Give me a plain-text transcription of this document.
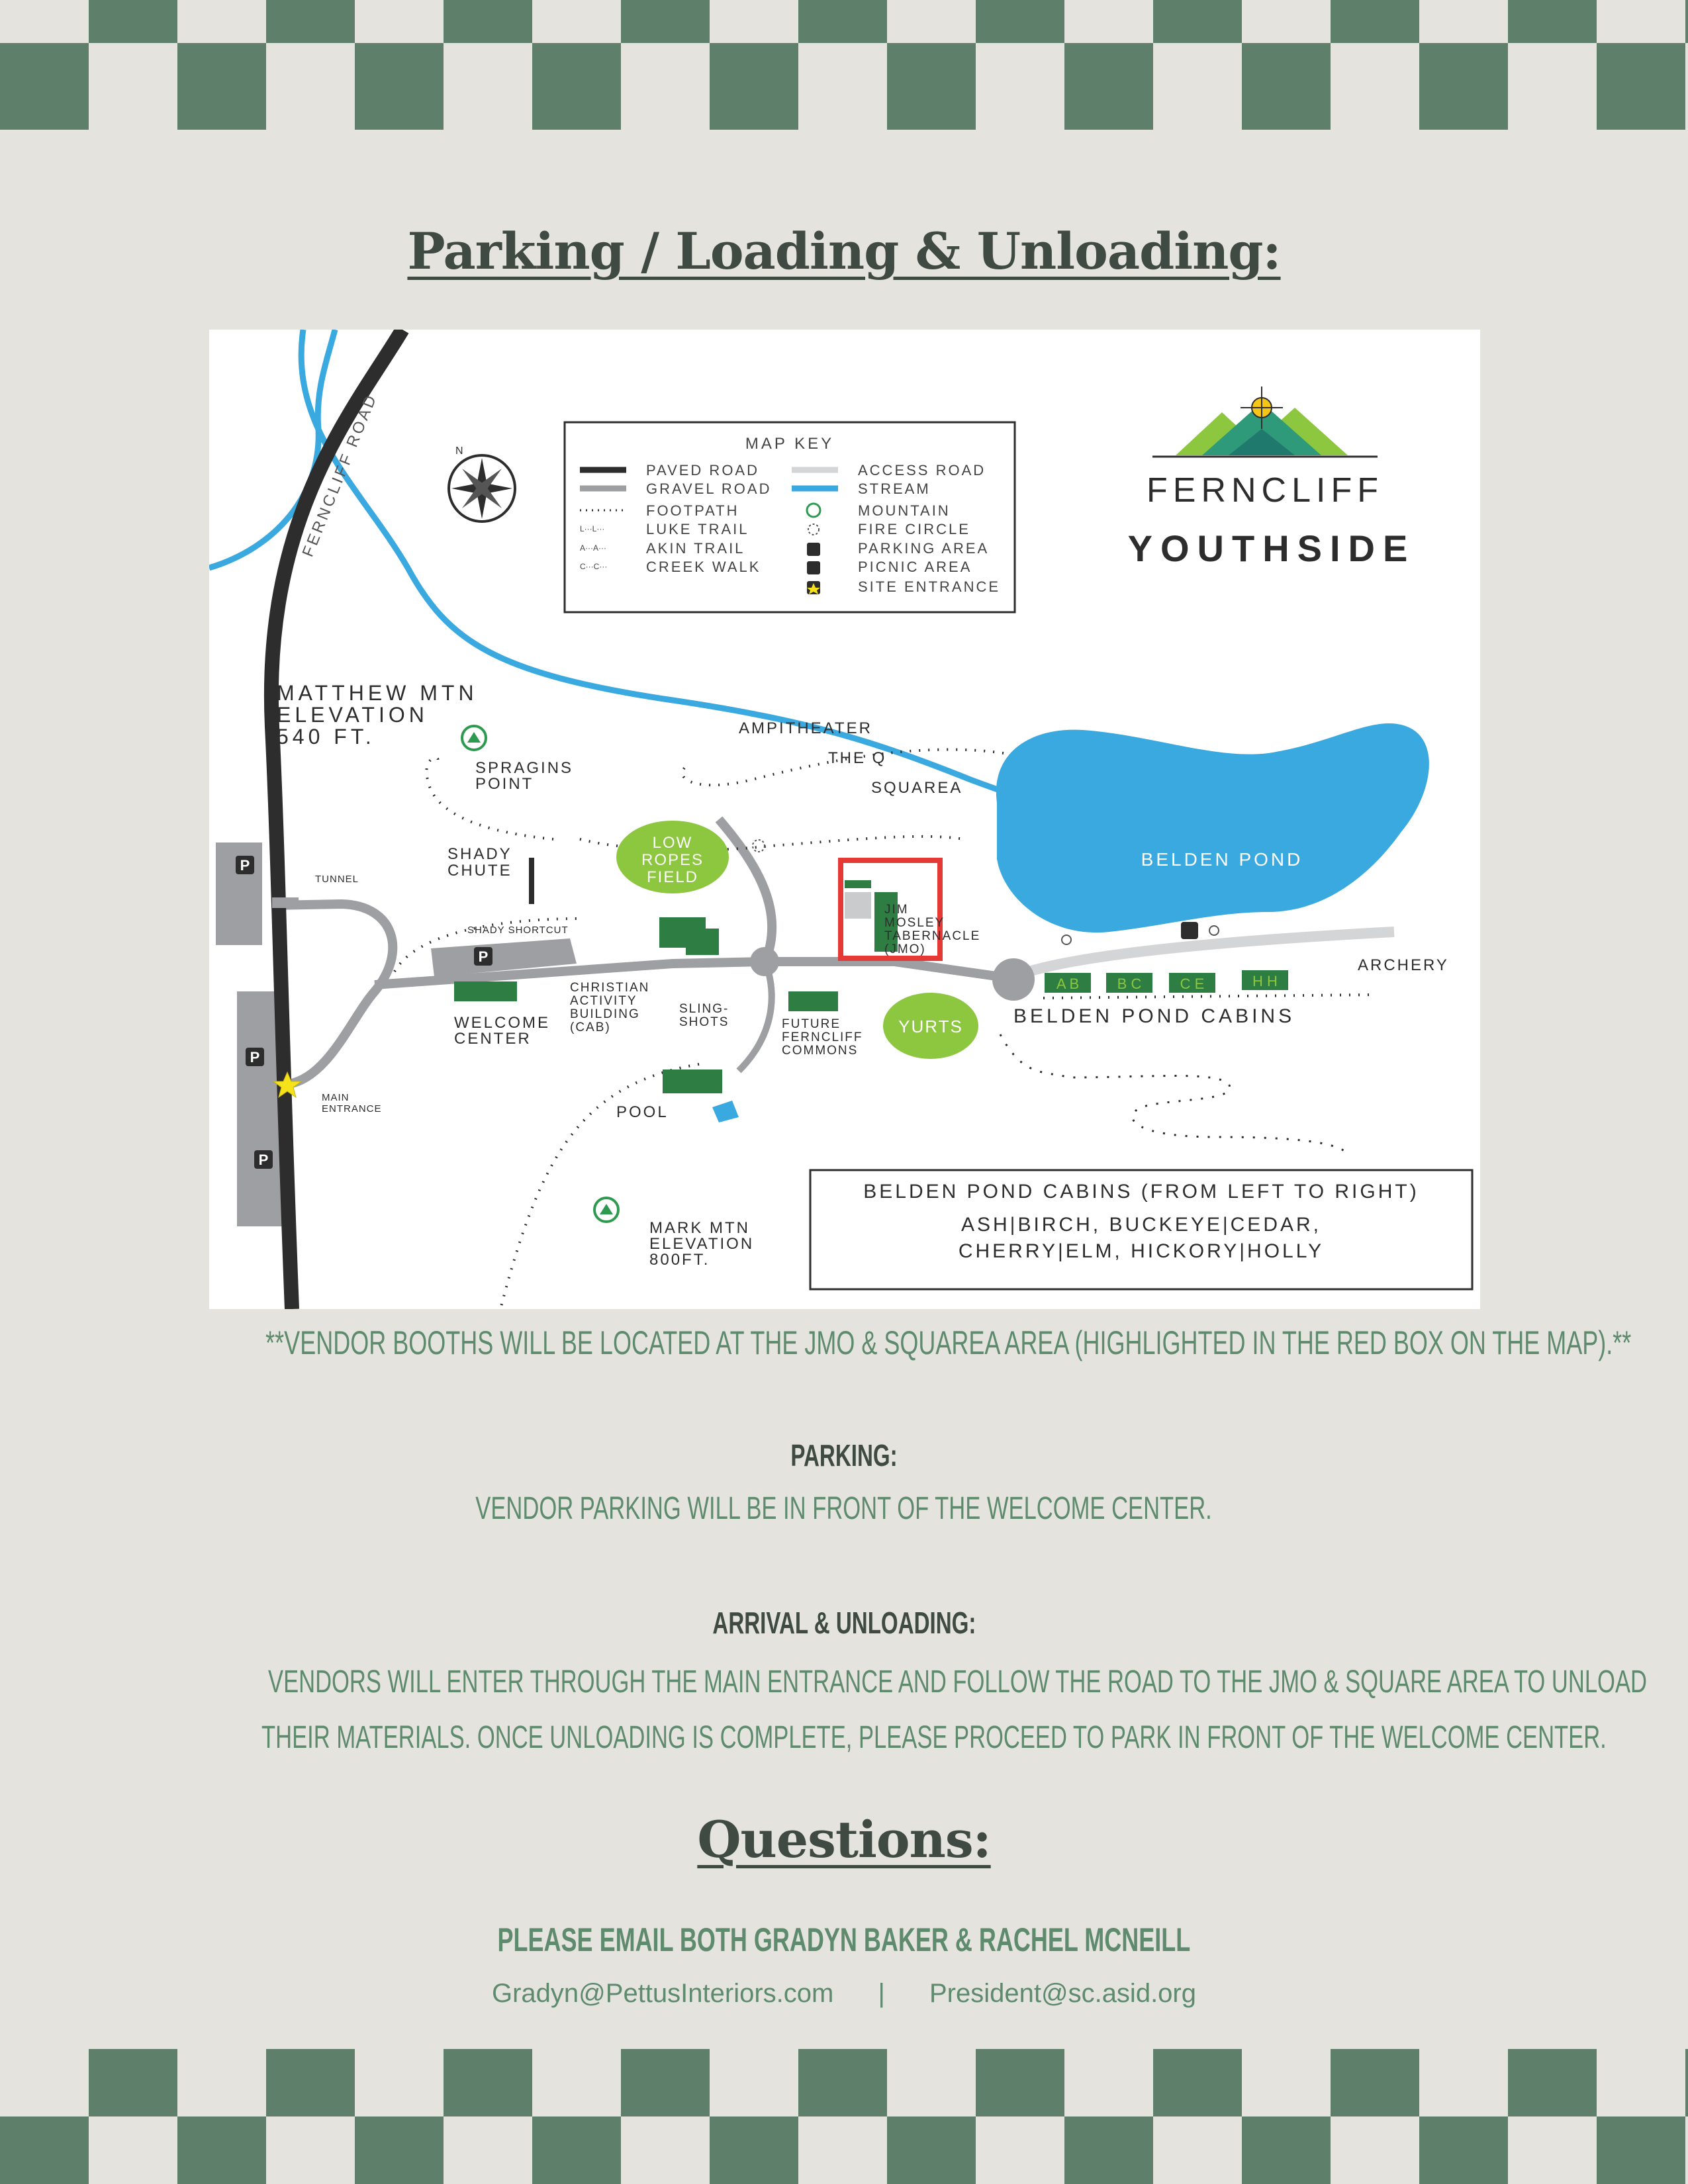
Parking / Loading & Unloading:
BELDEN POND
FERNCLIFF ROAD
LOW
ROPES
FIELD
YURTS
A B	B C	C E	H H
P
P
P
P
MAP KEY
L···L···
A···A···
C···C···
PAVED ROAD
GRAVEL ROAD
FOOTPATH
LUKE TRAIL
AKIN TRAIL
CREEK WALK
ACCESS ROAD
STREAM
MOUNTAIN
FIRE CIRCLE
PARKING AREA
PICNIC AREA
SITE ENTRANCE
N
FERNCLIFF
YOUTHSIDE
MATTHEW MTN
ELEVATION
540 FT.
SPRAGINS
POINT
SHADY
CHUTE
AMPITHEATER
THE Q
SQUAREA
ARCHERY
WELCOME
CENTER
POOL
MARK MTN
ELEVATION
800FT.
BELDEN POND CABINS
CHRISTIAN
ACTIVITY
BUILDING
(CAB)
SLING-
SHOTS	FUTURE
FERNCLIFF
COMMONS
JIM
MOSLEY
TABERNACLE
(JMO)
TUNNEL
SHADY SHORTCUT
MAIN
ENTRANCE
BELDEN POND CABINS (FROM LEFT TO RIGHT)
ASH|BIRCH, BUCKEYE|CEDAR,
CHERRY|ELM, HICKORY|HOLLY
**VENDOR BOOTHS WILL BE LOCATED AT THE JMO & SQUAREA AREA (HIGHLIGHTED IN THE RED BOX ON THE MAP).**
PARKING:
VENDOR PARKING WILL BE IN FRONT OF THE WELCOME CENTER.
ARRIVAL & UNLOADING:
VENDORS WILL ENTER THROUGH THE MAIN ENTRANCE AND FOLLOW THE ROAD TO THE JMO & SQUARE AREA TO UNLOAD
THEIR MATERIALS. ONCE UNLOADING IS COMPLETE, PLEASE PROCEED TO PARK IN FRONT OF THE WELCOME CENTER.
Questions:
PLEASE EMAIL BOTH GRADYN BAKER & RACHEL MCNEILL
Gradyn@PettusInteriors.com | President@sc.asid.org
